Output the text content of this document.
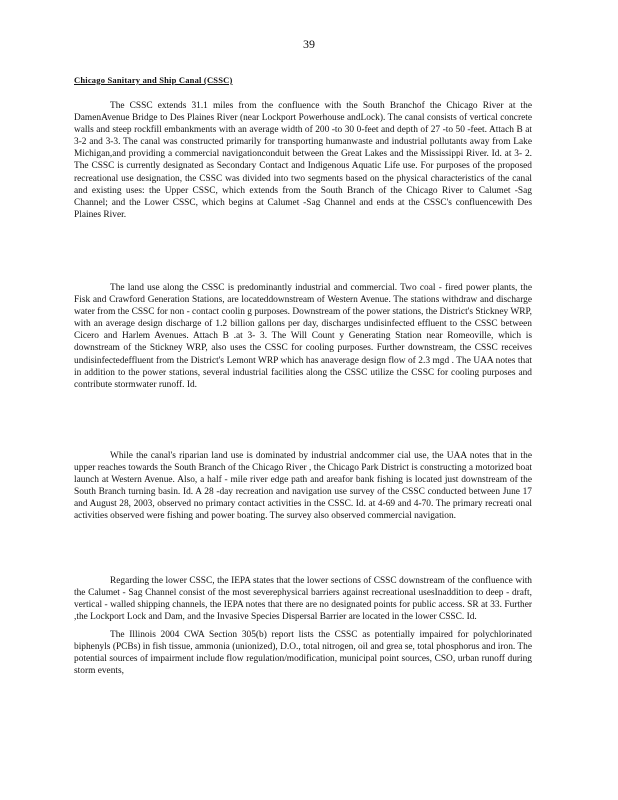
39
Chicago Sanitary and Ship Canal (CSSC)

The CSSC extends 31.1 miles from the confluence with the South Branchof the Chicago River at the DamenAvenue Bridge to Des Plaines River (near Lockport Powerhouse andLock). The canal consists of vertical concrete walls and steep rockfill embankments with an average width of 200 -to 30 0-feet and depth of 27 -to 50 -feet. Attach B at 3-2 and 3-3. The canal was constructed primarily for transporting humanwaste and industrial pollutants away from Lake Michigan,and providing a commercial navigationconduit between the Great Lakes and the Mississippi River. Id. at 3- 2. The CSSC is currently designated as Secondary Contact and Indigenous Aquatic Life use. For purposes of the proposed recreational use designation, the CSSC was divided into two segments based on the physical characteristics of the canal and existing uses: the Upper CSSC, which extends from the South Branch of the Chicago River to Calumet -Sag Channel; and the Lower CSSC, which begins at Calumet -Sag Channel and ends at the CSSC's confluencewith Des Plaines River.

The land use along the CSSC is predominantly industrial and commercial. Two coal - fired power plants, the Fisk and Crawford Generation Stations, are locateddownstream of Western Avenue. The stations withdraw and discharge water from the CSSC for non - contact coolin g purposes. Downstream of the power stations, the District's Stickney WRP, with an average design discharge of 1.2 billion gallons per day, discharges undisinfected effluent to the CSSC between Cicero and Harlem Avenues. Attach B .at 3- 3. The Will Count y Generating Station near Romeoville, which is downstream of the Stickney WRP, also uses the CSSC for cooling purposes. Further downstream, the CSSC receives undisinfectedeffluent from the District's Lemont WRP which has anaverage design flow of 2.3 mgd . The UAA notes that in addition to the power stations, several industrial facilities along the CSSC utilize the CSSC for cooling purposes and contribute stormwater runoff. Id.

While the canal's riparian land use is dominated by industrial andcommer cial use, the UAA notes that in the upper reaches towards the South Branch of the Chicago River , the Chicago Park District is constructing a motorized boat launch at Western Avenue. Also, a half - mile river edge path and areafor bank fishing is located just downstream of the South Branch turning basin. Id. A 28 -day recreation and navigation use survey of the CSSC conducted between June 17 and August 28, 2003, observed no primary contact activities in the CSSC. Id. at 4-69 and 4-70. The primary recreati onal activities observed were fishing and power boating. The survey also observed commercial navigation.

Regarding the lower CSSC, the IEPA states that the lower sections of CSSC downstream of the confluence with the Calumet - Sag Channel consist of the most severephysical barriers against recreational usesInaddition to deep - draft, vertical - walled shipping channels, the IEPA notes that there are no designated points for public access. SR at 33. Further ,the Lockport Lock and Dam, and the Invasive Species Dispersal Barrier are located in the lower CSSC. Id.

The Illinois 2004 CWA Section 305(b) report lists the CSSC as potentially impaired for polychlorinated biphenyls (PCBs) in fish tissue, ammonia (unionized), D.O., total nitrogen, oil and grea se, total phosphorus and iron. The potential sources of impairment include flow regulation/modification, municipal point sources, CSO, urban runoff during storm events,
